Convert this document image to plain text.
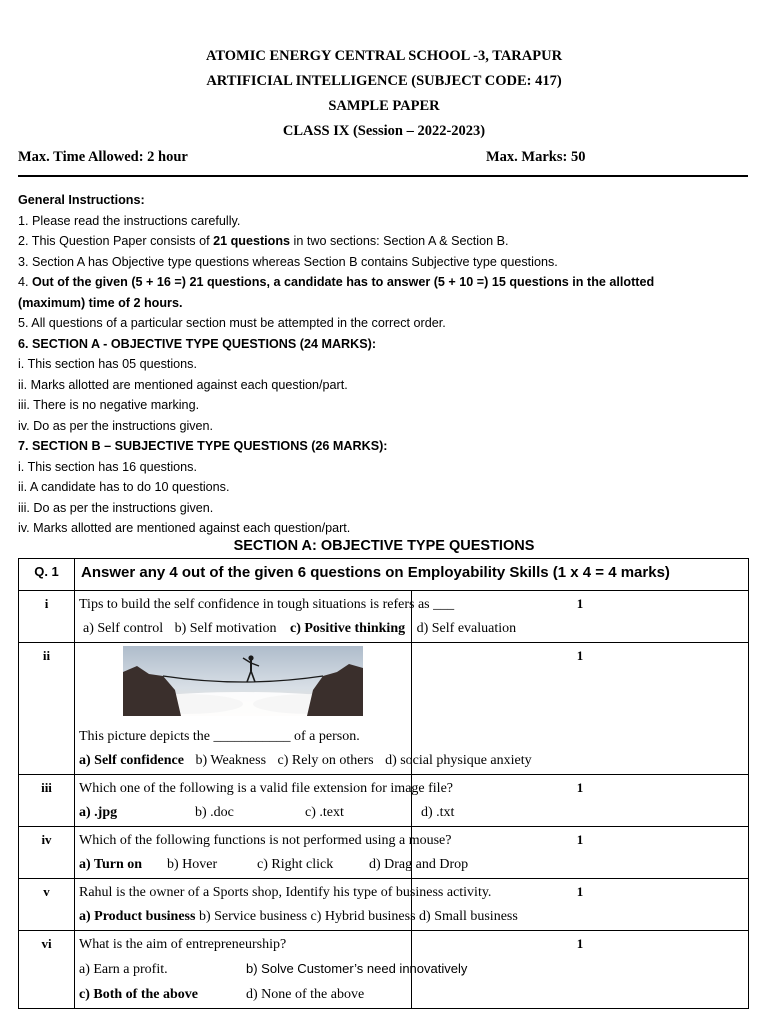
ATOMIC ENERGY CENTRAL SCHOOL -3, TARAPUR
ARTIFICIAL INTELLIGENCE (SUBJECT CODE: 417)
SAMPLE PAPER
CLASS IX (Session – 2022-2023)
Max. Time Allowed: 2 hour	Max. Marks: 50
General Instructions:
1. Please read the instructions carefully.
2. This Question Paper consists of 21 questions in two sections: Section A & Section B.
3. Section A has Objective type questions whereas Section B contains Subjective type questions.
4. Out of the given (5 + 16 =) 21 questions, a candidate has to answer (5 + 10 =) 15 questions in the allotted
(maximum) time of 2 hours.
5. All questions of a particular section must be attempted in the correct order.
6. SECTION A - OBJECTIVE TYPE QUESTIONS (24 MARKS):
i. This section has 05 questions.
ii. Marks allotted are mentioned against each question/part.
iii. There is no negative marking.
iv. Do as per the instructions given.
7. SECTION B – SUBJECTIVE TYPE QUESTIONS (26 MARKS):
i. This section has 16 questions.
ii. A candidate has to do 10 questions.
iii. Do as per the instructions given.
iv. Marks allotted are mentioned against each question/part.
SECTION A: OBJECTIVE TYPE QUESTIONS
Q. 1	Answer any 4 out of the given 6 questions on Employability Skills (1 x 4 = 4 marks)	
i	Tips to build the self confidence in tough situations is refers as ___
a) Self control b) Self motivation c) Positive thinking d) Self evaluation	1
ii	This picture depicts the ___________ of a person.
a) Self confidence b) Weakness c) Rely on others d) social physique anxiety	1
iii	Which one of the following is a valid file extension for image file?
a) .jpg b) .doc c) .text d) .txt	1
iv	Which of the following functions is not performed using a mouse?
a) Turn on b) Hover c) Right click d) Drag and Drop	1
v	Rahul is the owner of a Sports shop, Identify his type of business activity.
a) Product business b) Service business c) Hybrid business d) Small business	1
vi	What is the aim of entrepreneurship?
a) Earn a profit. b) Solve Customer’s need innovatively
c) Both of the above d) None of the above	1
